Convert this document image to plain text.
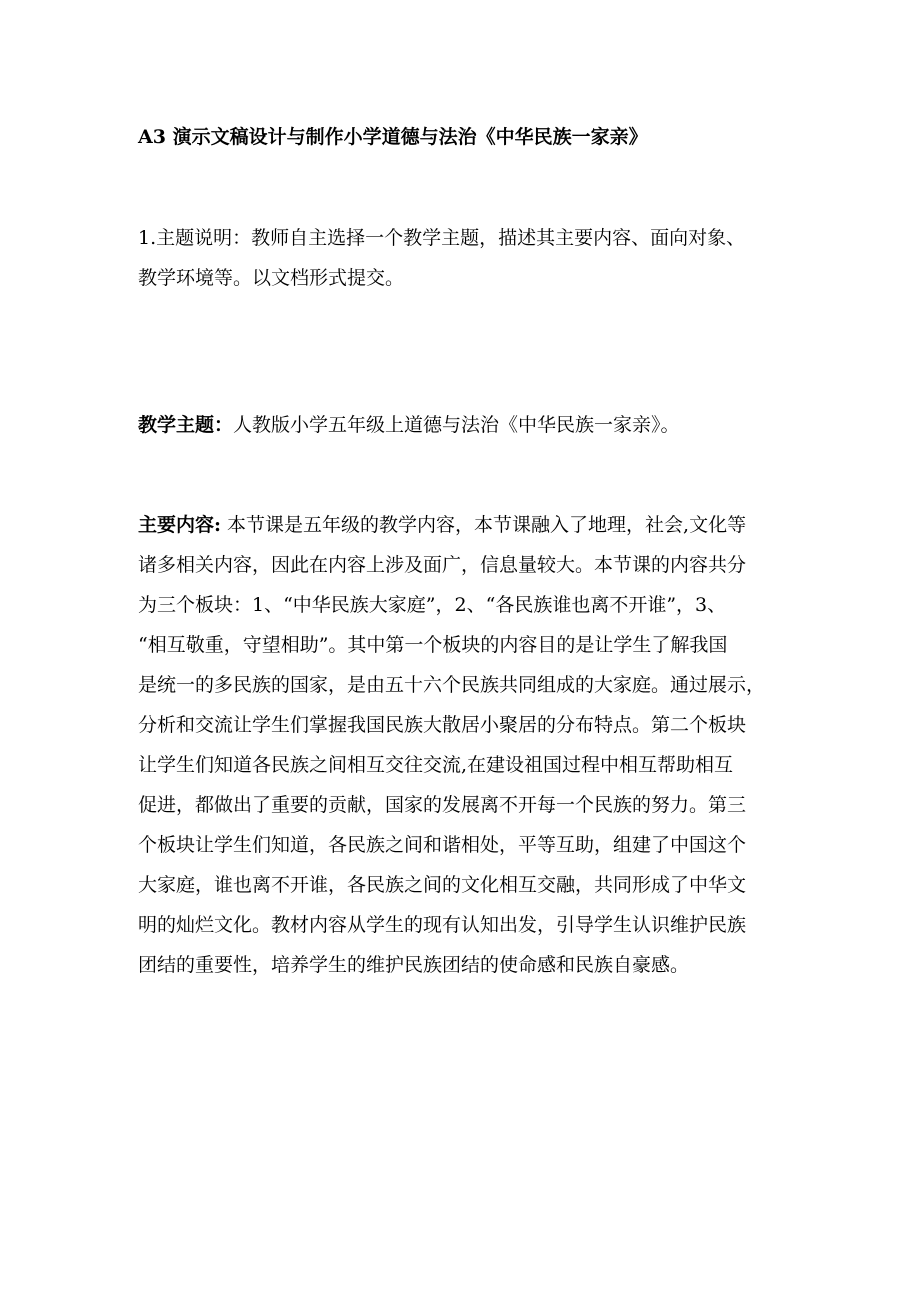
A3 演示文稿设计与制作小学道德与法治《中华民族一家亲》
1.主题说明：教师自主选择一个教学主题，描述其主要内容、面向对象、
教学环境等。以文档形式提交。
教学主题：人教版小学五年级上道德与法治《中华民族一家亲》。
主要内容: 本节课是五年级的教学内容，本节课融入了地理，社会,文化等
诸多相关内容，因此在内容上涉及面广，信息量较大。本节课的内容共分
为三个板块：1、“中华民族大家庭”，2、“各民族谁也离不开谁”，3、
“相互敬重，守望相助”。其中第一个板块的内容目的是让学生了解我国
是统一的多民族的国家，是由五十六个民族共同组成的大家庭。通过展示，
分析和交流让学生们掌握我国民族大散居小聚居的分布特点。第二个板块
让学生们知道各民族之间相互交往交流,在建设祖国过程中相互帮助相互
促进，都做出了重要的贡献，国家的发展离不开每一个民族的努力。第三
个板块让学生们知道，各民族之间和谐相处，平等互助，组建了中国这个
大家庭，谁也离不开谁，各民族之间的文化相互交融，共同形成了中华文
明的灿烂文化。教材内容从学生的现有认知出发，引导学生认识维护民族
团结的重要性，培养学生的维护民族团结的使命感和民族自豪感。
